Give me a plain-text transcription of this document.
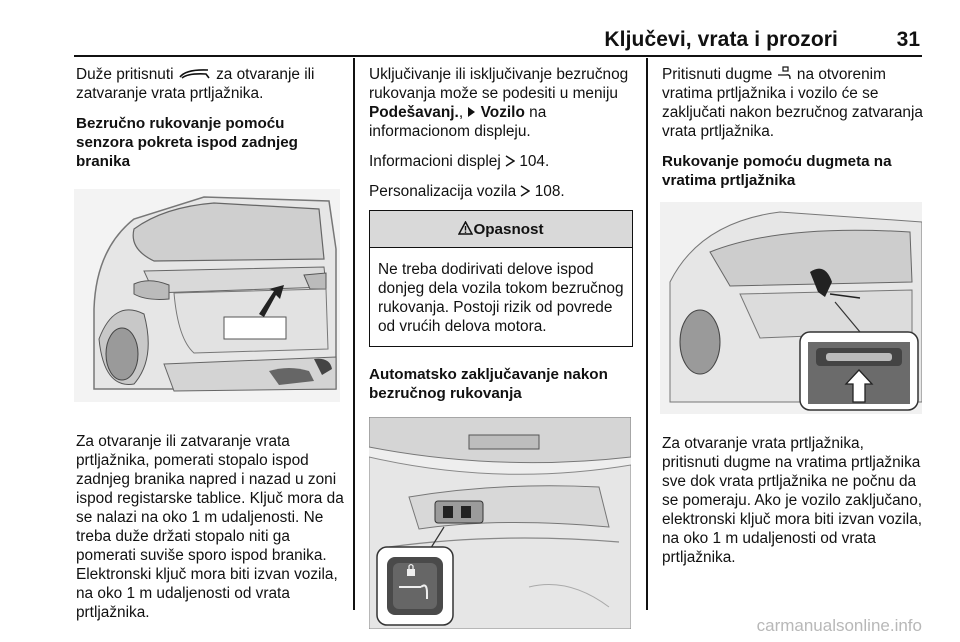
Ključevi, vrata i prozori	31

Duže pritisnuti	za otvaranje ili zatvaranje vrata prtljažnika.

Bezručno rukovanje pomoću senzora pokreta ispod zadnjeg branika

Za otvaranje ili zatvaranje vrata prtljažnika, pomerati stopalo ispod zadnjeg branika napred i nazad u zoni ispod registarske tablice. Ključ mora da se nalazi na oko 1 m udaljenosti. Ne treba duže držati stopalo niti ga pomerati suviše sporo ispod branika. Elektronski ključ mora biti izvan vozila, na oko 1 m udaljenosti od vrata prtljažnika.

Uključivanje ili isključivanje bezručnog rukovanja može se podesiti u meniju Podešavanj., Vozilo na informacionom displeju.

Informacioni displej 104.

Personalizacija vozila 108.

Opasnost
Ne treba dodirivati delove ispod donjeg dela vozila tokom bezručnog rukovanja. Postoji rizik od povrede od vrućih delova motora.

Automatsko zaključavanje nakon bezručnog rukovanja

Pritisnuti dugme na otvorenim vratima prtljažnika i vozilo će se zaključati nakon bezručnog zatvaranja vrata prtljažnika.

Rukovanje pomoću dugmeta na vratima prtljažnika

Za otvaranje vrata prtljažnika, pritisnuti dugme na vratima prtljažnika sve dok vrata prtljažnika ne počnu da se pomeraju. Ako je vozilo zaključano, elektronski ključ mora biti izvan vozila, na oko 1 m udaljenosti od vrata prtljažnika.

carmanualsonline.info
